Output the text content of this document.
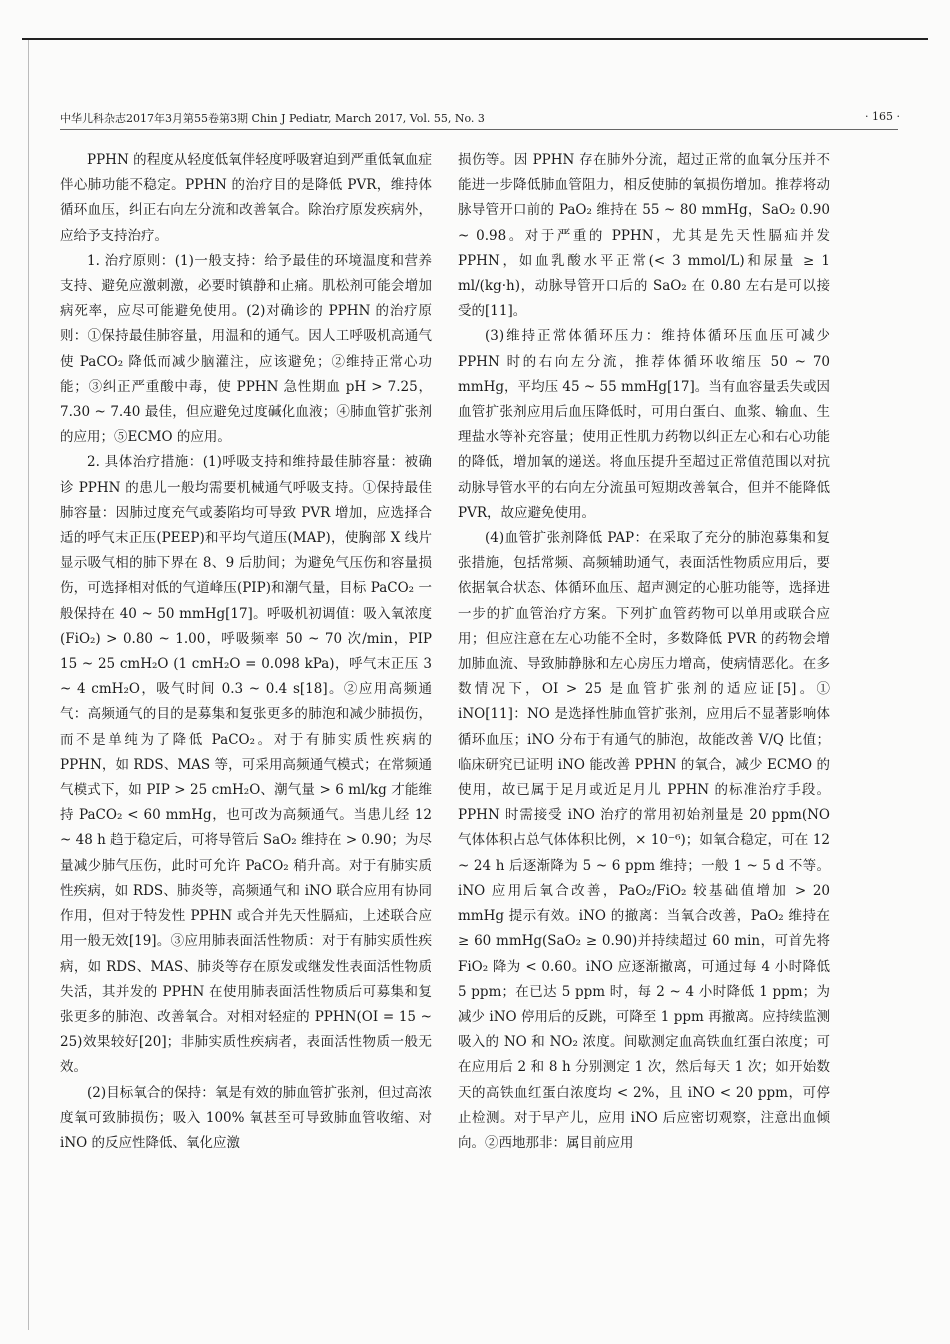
中华儿科杂志2017年3月第55卷第3期 Chin J Pediatr, March 2017, Vol. 55, No. 3	· 165 ·

PPHN 的程度从轻度低氧伴轻度呼吸窘迫到严重低氧血症伴心肺功能不稳定。PPHN 的治疗目的是降低 PVR，维持体循环血压，纠正右向左分流和改善氧合。除治疗原发疾病外，应给予支持治疗。

1. 治疗原则：(1)一般支持：给予最佳的环境温度和营养支持、避免应激刺激，必要时镇静和止痛。肌松剂可能会增加病死率，应尽可能避免使用。(2)对确诊的 PPHN 的治疗原则：①保持最佳肺容量，用温和的通气。因人工呼吸机高通气使 PaCO₂ 降低而减少脑灌注，应该避免；②维持正常心功能；③纠正严重酸中毒，使 PPHN 急性期血 pH > 7.25，7.30 ~ 7.40 最佳，但应避免过度碱化血液；④肺血管扩张剂的应用；⑤ECMO 的应用。

2. 具体治疗措施：(1)呼吸支持和维持最佳肺容量：被确诊 PPHN 的患儿一般均需要机械通气呼吸支持。①保持最佳肺容量：因肺过度充气或萎陷均可导致 PVR 增加，应选择合适的呼气末正压(PEEP)和平均气道压(MAP)，使胸部 X 线片显示吸气相的肺下界在 8、9 后肋间；为避免气压伤和容量损伤，可选择相对低的气道峰压(PIP)和潮气量，目标 PaCO₂ 一般保持在 40 ~ 50 mmHg[17]。呼吸机初调值：吸入氧浓度(FiO₂) > 0.80 ~ 1.00，呼吸频率 50 ~ 70 次/min，PIP 15 ~ 25 cmH₂O (1 cmH₂O = 0.098 kPa)，呼气末正压 3 ~ 4 cmH₂O，吸气时间 0.3 ~ 0.4 s[18]。②应用高频通气：高频通气的目的是募集和复张更多的肺泡和减少肺损伤，而不是单纯为了降低 PaCO₂。对于有肺实质性疾病的 PPHN，如 RDS、MAS 等，可采用高频通气模式；在常频通气模式下，如 PIP > 25 cmH₂O、潮气量 > 6 ml/kg 才能维持 PaCO₂ < 60 mmHg，也可改为高频通气。当患儿经 12 ~ 48 h 趋于稳定后，可将导管后 SaO₂ 维持在 > 0.90；为尽量减少肺气压伤，此时可允许 PaCO₂ 稍升高。对于有肺实质性疾病，如 RDS、肺炎等，高频通气和 iNO 联合应用有协同作用，但对于特发性 PPHN 或合并先天性膈疝，上述联合应用一般无效[19]。③应用肺表面活性物质：对于有肺实质性疾病，如 RDS、MAS、肺炎等存在原发或继发性表面活性物质失活，其并发的 PPHN 在使用肺表面活性物质后可募集和复张更多的肺泡、改善氧合。对相对轻症的 PPHN(OI = 15 ~ 25)效果较好[20]；非肺实质性疾病者，表面活性物质一般无效。

(2)目标氧合的保持：氧是有效的肺血管扩张剂，但过高浓度氧可致肺损伤；吸入 100% 氧甚至可导致肺血管收缩、对 iNO 的反应性降低、氧化应激

损伤等。因 PPHN 存在肺外分流，超过正常的血氧分压并不能进一步降低肺血管阻力，相反使肺的氧损伤增加。推荐将动脉导管开口前的 PaO₂ 维持在 55 ~ 80 mmHg，SaO₂ 0.90 ~ 0.98。对于严重的 PPHN，尤其是先天性膈疝并发 PPHN，如血乳酸水平正常(< 3 mmol/L)和尿量 ≥ 1 ml/(kg·h)，动脉导管开口后的 SaO₂ 在 0.80 左右是可以接受的[11]。

(3)维持正常体循环压力：维持体循环压血压可减少 PPHN 时的右向左分流，推荐体循环收缩压 50 ~ 70 mmHg，平均压 45 ~ 55 mmHg[17]。当有血容量丢失或因血管扩张剂应用后血压降低时，可用白蛋白、血浆、输血、生理盐水等补充容量；使用正性肌力药物以纠正左心和右心功能的降低，增加氧的递送。将血压提升至超过正常值范围以对抗动脉导管水平的右向左分流虽可短期改善氧合，但并不能降低 PVR，故应避免使用。

(4)血管扩张剂降低 PAP：在采取了充分的肺泡募集和复张措施，包括常频、高频辅助通气，表面活性物质应用后，要依据氧合状态、体循环血压、超声测定的心脏功能等，选择进一步的扩血管治疗方案。下列扩血管药物可以单用或联合应用；但应注意在左心功能不全时，多数降低 PVR 的药物会增加肺血流、导致肺静脉和左心房压力增高，使病情恶化。在多数情况下，OI > 25 是血管扩张剂的适应证[5]。① iNO[11]：NO 是选择性肺血管扩张剂，应用后不显著影响体循环血压；iNO 分布于有通气的肺泡，故能改善 V/Q 比值；临床研究已证明 iNO 能改善 PPHN 的氧合，减少 ECMO 的使用，故已属于足月或近足月儿 PPHN 的标准治疗手段。PPHN 时需接受 iNO 治疗的常用初始剂量是 20 ppm(NO 气体体积占总气体体积比例，× 10⁻⁶)；如氧合稳定，可在 12 ~ 24 h 后逐渐降为 5 ~ 6 ppm 维持；一般 1 ~ 5 d 不等。iNO 应用后氧合改善，PaO₂/FiO₂ 较基础值增加 > 20 mmHg 提示有效。iNO 的撤离：当氧合改善，PaO₂ 维持在 ≥ 60 mmHg(SaO₂ ≥ 0.90)并持续超过 60 min，可首先将 FiO₂ 降为 < 0.60。iNO 应逐渐撤离，可通过每 4 小时降低 5 ppm；在已达 5 ppm 时，每 2 ~ 4 小时降低 1 ppm；为减少 iNO 停用后的反跳，可降至 1 ppm 再撤离。应持续监测吸入的 NO 和 NO₂ 浓度。间歇测定血高铁血红蛋白浓度；可在应用后 2 和 8 h 分别测定 1 次，然后每天 1 次；如开始数天的高铁血红蛋白浓度均 < 2%，且 iNO < 20 ppm，可停止检测。对于早产儿，应用 iNO 后应密切观察，注意出血倾向。②西地那非：属目前应用
